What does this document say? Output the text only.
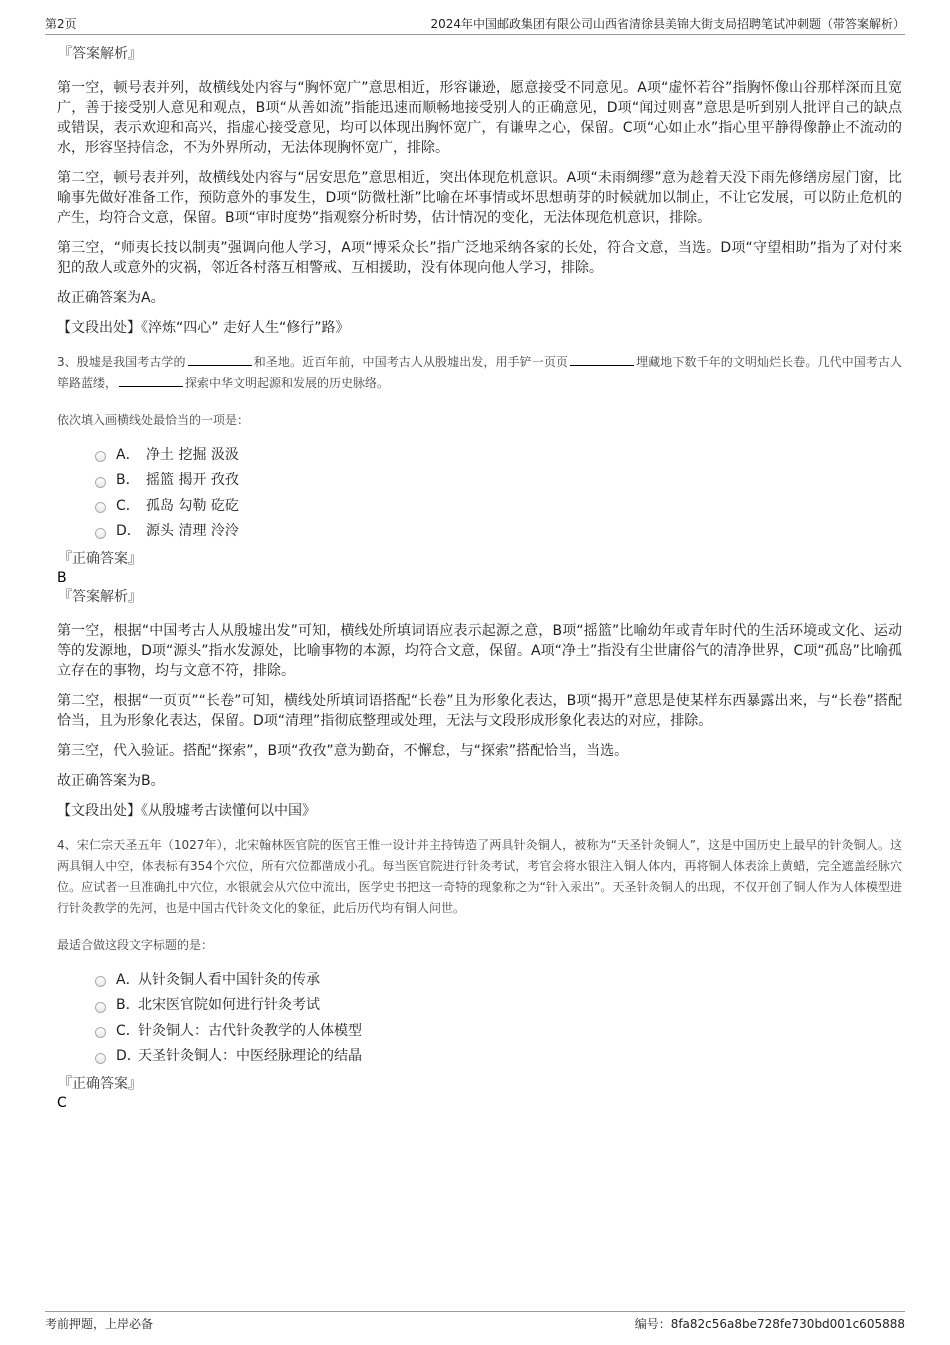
第2页	2024年中国邮政集团有限公司山西省清徐县美锦大街支局招聘笔试冲刺题（带答案解析）
『答案解析』

第一空，顿号表并列，故横线处内容与“胸怀宽广”意思相近，形容谦逊，愿意接受不同意见。A项“虚怀若谷”指胸怀像山谷那样深而且宽广，善于接受别人意见和观点，B项“从善如流”指能迅速而顺畅地接受别人的正确意见，D项“闻过则喜”意思是听到别人批评自己的缺点或错误，表示欢迎和高兴，指虚心接受意见，均可以体现出胸怀宽广，有谦卑之心，保留。C项“心如止水”指心里平静得像静止不流动的水，形容坚持信念，不为外界所动，无法体现胸怀宽广，排除。

第二空，顿号表并列，故横线处内容与“居安思危”意思相近，突出体现危机意识。A项“未雨绸缪”意为趁着天没下雨先修缮房屋门窗，比喻事先做好准备工作，预防意外的事发生，D项“防微杜渐”比喻在坏事情或坏思想萌芽的时候就加以制止，不让它发展，可以防止危机的产生，均符合文意，保留。B项“审时度势”指观察分析时势，估计情况的变化，无法体现危机意识，排除。

第三空，“师夷长技以制夷”强调向他人学习，A项“博采众长”指广泛地采纳各家的长处，符合文意，当选。D项“守望相助”指为了对付来犯的敌人或意外的灾祸，邻近各村落互相警戒、互相援助，没有体现向他人学习，排除。

故正确答案为A。

【文段出处】《淬炼“四心” 走好人生“修行”路》

3、殷墟是我国考古学的	和圣地。近百年前，中国考古人从殷墟出发，用手铲一页页	埋藏地下数千年的文明灿烂长卷。几代中国考古人筚路蓝缕，	探索中华文明起源和发展的历史脉络。

依次填入画横线处最恰当的一项是：

A． 净土 挖掘 汲汲
B． 摇篮 揭开 孜孜
C． 孤岛 勾勒 矻矻
D． 源头 清理 泠泠
『正确答案』
B
『答案解析』

第一空，根据“中国考古人从殷墟出发”可知，横线处所填词语应表示起源之意，B项“摇篮”比喻幼年或青年时代的生活环境或文化、运动等的发源地，D项“源头”指水发源处，比喻事物的本源，均符合文意，保留。A项“净土”指没有尘世庸俗气的清净世界，C项“孤岛”比喻孤立存在的事物，均与文意不符，排除。

第二空，根据“一页页”“长卷”可知，横线处所填词语搭配“长卷”且为形象化表达，B项“揭开”意思是使某样东西暴露出来，与“长卷”搭配恰当，且为形象化表达，保留。D项“清理”指彻底整理或处理，无法与文段形成形象化表达的对应，排除。

第三空，代入验证。搭配“探索”，B项“孜孜”意为勤奋，不懈怠，与“探索”搭配恰当，当选。

故正确答案为B。

【文段出处】《从殷墟考古读懂何以中国》

4、宋仁宗天圣五年（1027年），北宋翰林医官院的医官王惟一设计并主持铸造了两具针灸铜人，被称为“天圣针灸铜人”，这是中国历史上最早的针灸铜人。这两具铜人中空，体表标有354个穴位，所有穴位都凿成小孔。每当医官院进行针灸考试，考官会将水银注入铜人体内，再将铜人体表涂上黄蜡，完全遮盖经脉穴位。应试者一旦准确扎中穴位，水银就会从穴位中流出，医学史书把这一奇特的现象称之为“针入汞出”。天圣针灸铜人的出现，不仅开创了铜人作为人体模型进行针灸教学的先河，也是中国古代针灸文化的象征，此后历代均有铜人问世。

最适合做这段文字标题的是：

A．
从针灸铜人看中国针灸的传承
B．
北宋医官院如何进行针灸考试
C．
针灸铜人：古代针灸教学的人体模型
D．
天圣针灸铜人：中医经脉理论的结晶
『正确答案』
C
考前押题，上岸必备	编号：8fa82c56a8be728fe730bd001c605888
